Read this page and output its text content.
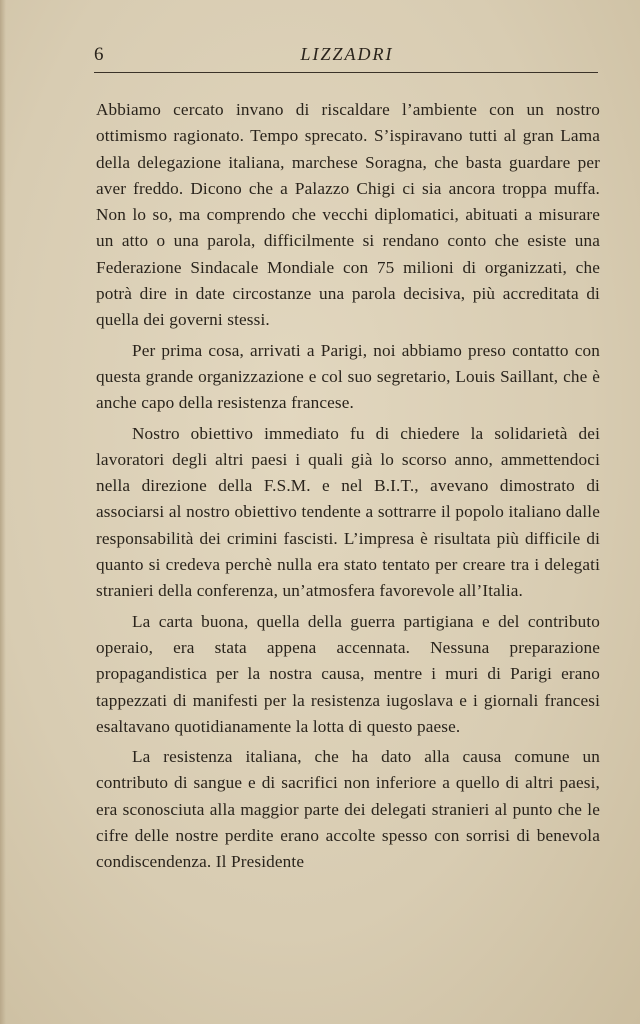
6	LIZZADRI

Abbiamo cercato invano di riscaldare l’ambiente con un nostro ottimismo ragionato. Tempo sprecato. S’ispiravano tutti al gran Lama della delegazione italiana, marchese Soragna, che basta guardare per aver freddo. Dicono che a Palazzo Chigi ci sia ancora troppa muffa. Non lo so, ma comprendo che vecchi diplomatici, abituati a misurare un atto o una parola, difficilmente si rendano conto che esiste una Federazione Sindacale Mondiale con 75 milioni di organizzati, che potrà dire in date circostanze una parola decisiva, più accreditata di quella dei governi stessi.

Per prima cosa, arrivati a Parigi, noi abbiamo preso contatto con questa grande organizzazione e col suo segretario, Louis Saillant, che è anche capo della resistenza francese.

Nostro obiettivo immediato fu di chiedere la solidarietà dei lavoratori degli altri paesi i quali già lo scorso anno, ammettendoci nella direzione della F.S.M. e nel B.I.T., avevano dimostrato di associarsi al nostro obiettivo tendente a sottrarre il popolo italiano dalle responsabilità dei crimini fascisti. L’impresa è risultata più difficile di quanto si credeva perchè nulla era stato tentato per creare tra i delegati stranieri della conferenza, un’atmosfera favorevole all’Italia.

La carta buona, quella della guerra partigiana e del contributo operaio, era stata appena accennata. Nessuna preparazione propagandistica per la nostra causa, mentre i muri di Parigi erano tappezzati di manifesti per la resistenza iugoslava e i giornali francesi esaltavano quotidianamente la lotta di questo paese.

La resistenza italiana, che ha dato alla causa comune un contributo di sangue e di sacrifici non inferiore a quello di altri paesi, era sconosciuta alla maggior parte dei delegati stranieri al punto che le cifre delle nostre perdite erano accolte spesso con sorrisi di benevola condiscendenza. Il Presidente
